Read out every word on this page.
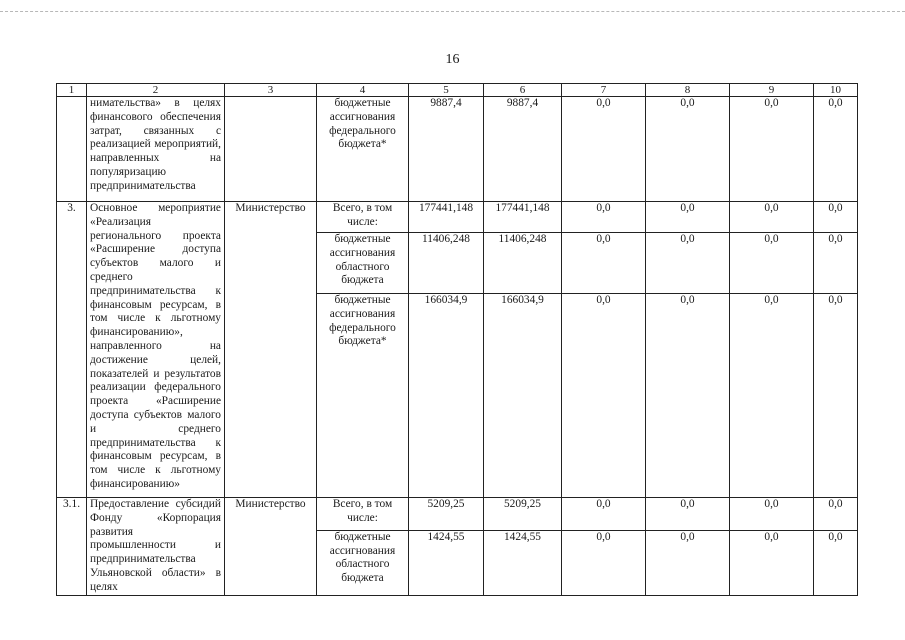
16
1	2	3	4	5	6	7	8	9	10
	нимательства» в целях финансового обеспечения затрат, связанных с реализацией мероприятий, направленных на популяризацию предпринимательства		бюджетные ассигнования федерального бюджета*	9887,4	9887,4	0,0	0,0	0,0	0,0
3.	Основное мероприятие «Реализация регионального проекта «Расширение доступа субъектов малого и среднего предпринимательства к финансовым ресурсам, в том числе к льготному финансированию», направленного на достижение целей, показателей и результатов реализации федерального проекта «Расширение доступа субъектов малого и среднего предпринимательства к финансовым ресурсам, в том числе к льготному финансированию»	Министерство	Всего, в том числе:	177441,148	177441,148	0,0	0,0	0,0	0,0
			бюджетные ассигнования областного бюджета	11406,248	11406,248	0,0	0,0	0,0	0,0
			бюджетные ассигнования федерального бюджета*	166034,9	166034,9	0,0	0,0	0,0	0,0
3.1.	Предоставление субсидий Фонду «Корпорация развития промышленности и предпринимательства Ульяновской области» в целях	Министерство	Всего, в том числе:	5209,25	5209,25	0,0	0,0	0,0	0,0
			бюджетные ассигнования областного бюджета	1424,55	1424,55	0,0	0,0	0,0	0,0
